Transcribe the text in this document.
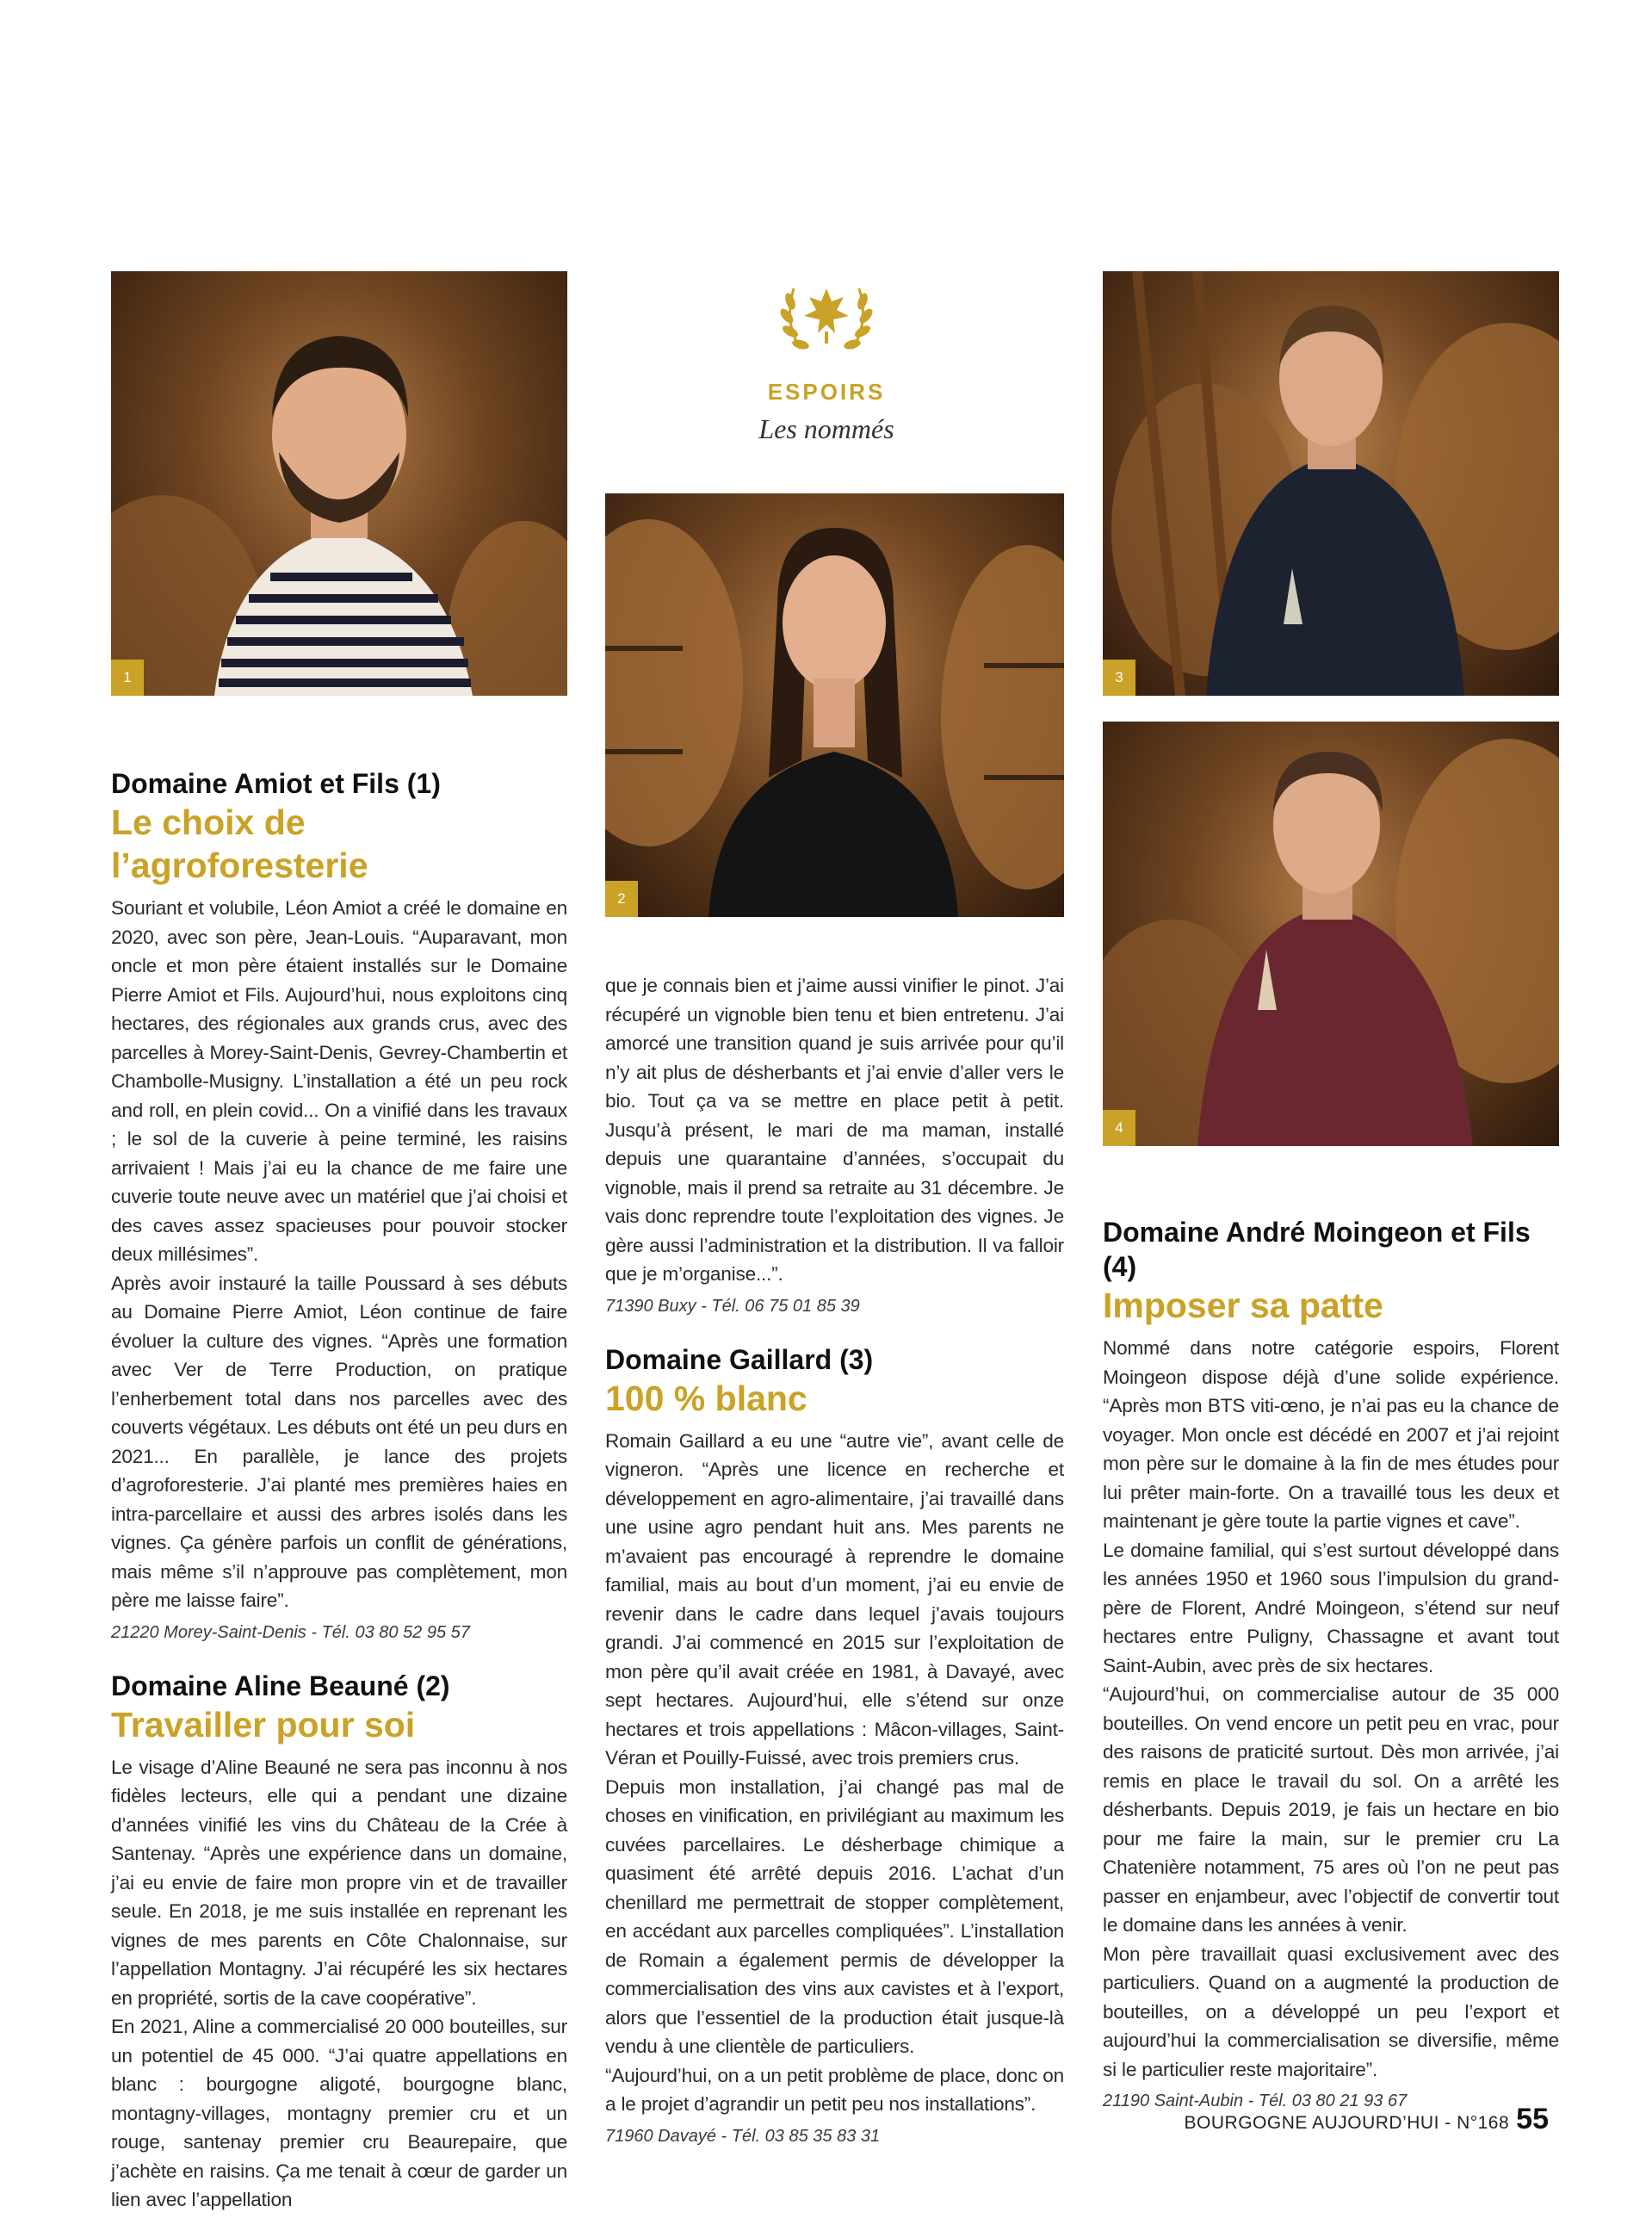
1
2
3
4
ESPOIRS
Les nommés
Domaine Amiot et Fils (1)
Le choix de l’agroforesterie

Souriant et volubile, Léon Amiot a créé le domaine en 2020, avec son père, Jean-Louis. “Auparavant, mon oncle et mon père étaient installés sur le Domaine Pierre Amiot et Fils. Aujourd’hui, nous exploitons cinq hectares, des régionales aux grands crus, avec des parcelles à Morey-Saint-Denis, Gevrey-Chambertin et Chambolle-Musigny. L’installation a été un peu rock and roll, en plein covid... On a vinifié dans les travaux ; le sol de la cuverie à peine terminé, les raisins arrivaient ! Mais j’ai eu la chance de me faire une cuverie toute neuve avec un matériel que j’ai choisi et des caves assez spacieuses pour pouvoir stocker deux millésimes”.

Après avoir instauré la taille Poussard à ses débuts au Domaine Pierre Amiot, Léon continue de faire évoluer la culture des vignes. “Après une formation avec Ver de Terre Production, on pratique l’enherbement total dans nos parcelles avec des couverts végétaux. Les débuts ont été un peu durs en 2021... En parallèle, je lance des projets d’agroforesterie. J’ai planté mes premières haies en intra-parcellaire et aussi des arbres isolés dans les vignes. Ça génère parfois un conflit de générations, mais même s’il n’approuve pas complètement, mon père me laisse faire”.

21220 Morey-Saint-Denis - Tél. 03 80 52 95 57

Domaine Aline Beauné (2)
Travailler pour soi

Le visage d’Aline Beauné ne sera pas inconnu à nos fidèles lecteurs, elle qui a pendant une dizaine d’années vinifié les vins du Château de la Crée à Santenay. “Après une expérience dans un domaine, j’ai eu envie de faire mon propre vin et de travailler seule. En 2018, je me suis installée en reprenant les vignes de mes parents en Côte Chalonnaise, sur l’appellation Montagny. J’ai récupéré les six hectares en propriété, sortis de la cave coopérative”.

En 2021, Aline a commercialisé 20 000 bouteilles, sur un potentiel de 45 000. “J’ai quatre appellations en blanc : bourgogne aligoté, bourgogne blanc, montagny-villages, montagny premier cru et un rouge, santenay premier cru Beaurepaire, que j’achète en raisins. Ça me tenait à cœur de garder un lien avec l’appellation

que je connais bien et j’aime aussi vinifier le pinot. J’ai récupéré un vignoble bien tenu et bien entretenu. J’ai amorcé une transition quand je suis arrivée pour qu’il n’y ait plus de désherbants et j’ai envie d’aller vers le bio. Tout ça va se mettre en place petit à petit. Jusqu’à présent, le mari de ma maman, installé depuis une quarantaine d’années, s’occupait du vignoble, mais il prend sa retraite au 31 décembre. Je vais donc reprendre toute l’exploitation des vignes. Je gère aussi l’administration et la distribution. Il va falloir que je m’organise...”.

71390 Buxy - Tél. 06 75 01 85 39

Domaine Gaillard (3)
100 % blanc

Romain Gaillard a eu une “autre vie”, avant celle de vigneron. “Après une licence en recherche et développement en agro-alimentaire, j’ai travaillé dans une usine agro pendant huit ans. Mes parents ne m’avaient pas encouragé à reprendre le domaine familial, mais au bout d’un moment, j’ai eu envie de revenir dans le cadre dans lequel j’avais toujours grandi. J’ai commencé en 2015 sur l’exploitation de mon père qu’il avait créée en 1981, à Davayé, avec sept hectares. Aujourd’hui, elle s’étend sur onze hectares et trois appellations : Mâcon-villages, Saint-Véran et Pouilly-Fuissé, avec trois premiers crus.

Depuis mon installation, j’ai changé pas mal de choses en vinification, en privilégiant au maximum les cuvées parcellaires. Le désherbage chimique a quasiment été arrêté depuis 2016. L’achat d’un chenillard me permettrait de stopper complètement, en accédant aux parcelles compliquées”. L’installation de Romain a également permis de développer la commercialisation des vins aux cavistes et à l’export, alors que l’essentiel de la production était jusque-là vendu à une clientèle de particuliers.

“Aujourd’hui, on a un petit problème de place, donc on a le projet d’agrandir un petit peu nos installations”.

71960 Davayé - Tél. 03 85 35 83 31

Domaine André Moingeon et Fils (4)
Imposer sa patte

Nommé dans notre catégorie espoirs, Florent Moingeon dispose déjà d’une solide expérience. “Après mon BTS viti-œno, je n’ai pas eu la chance de voyager. Mon oncle est décédé en 2007 et j’ai rejoint mon père sur le domaine à la fin de mes études pour lui prêter main-forte. On a travaillé tous les deux et maintenant je gère toute la partie vignes et cave”.

Le domaine familial, qui s’est surtout développé dans les années 1950 et 1960 sous l’impulsion du grand-père de Florent, André Moingeon, s’étend sur neuf hectares entre Puligny, Chassagne et avant tout Saint-Aubin, avec près de six hectares.

“Aujourd’hui, on commercialise autour de 35 000 bouteilles. On vend encore un petit peu en vrac, pour des raisons de praticité surtout. Dès mon arrivée, j’ai remis en place le travail du sol. On a arrêté les désherbants. Depuis 2019, je fais un hectare en bio pour me faire la main, sur le premier cru La Chatenière notamment, 75 ares où l’on ne peut pas passer en enjambeur, avec l’objectif de convertir tout le domaine dans les années à venir.

Mon père travaillait quasi exclusivement avec des particuliers. Quand on a augmenté la production de bouteilles, on a développé un peu l’export et aujourd’hui la commercialisation se diversifie, même si le particulier reste majoritaire”.

21190 Saint-Aubin - Tél. 03 80 21 93 67

BOURGOGNE AUJOURD’HUI - N°168 55
